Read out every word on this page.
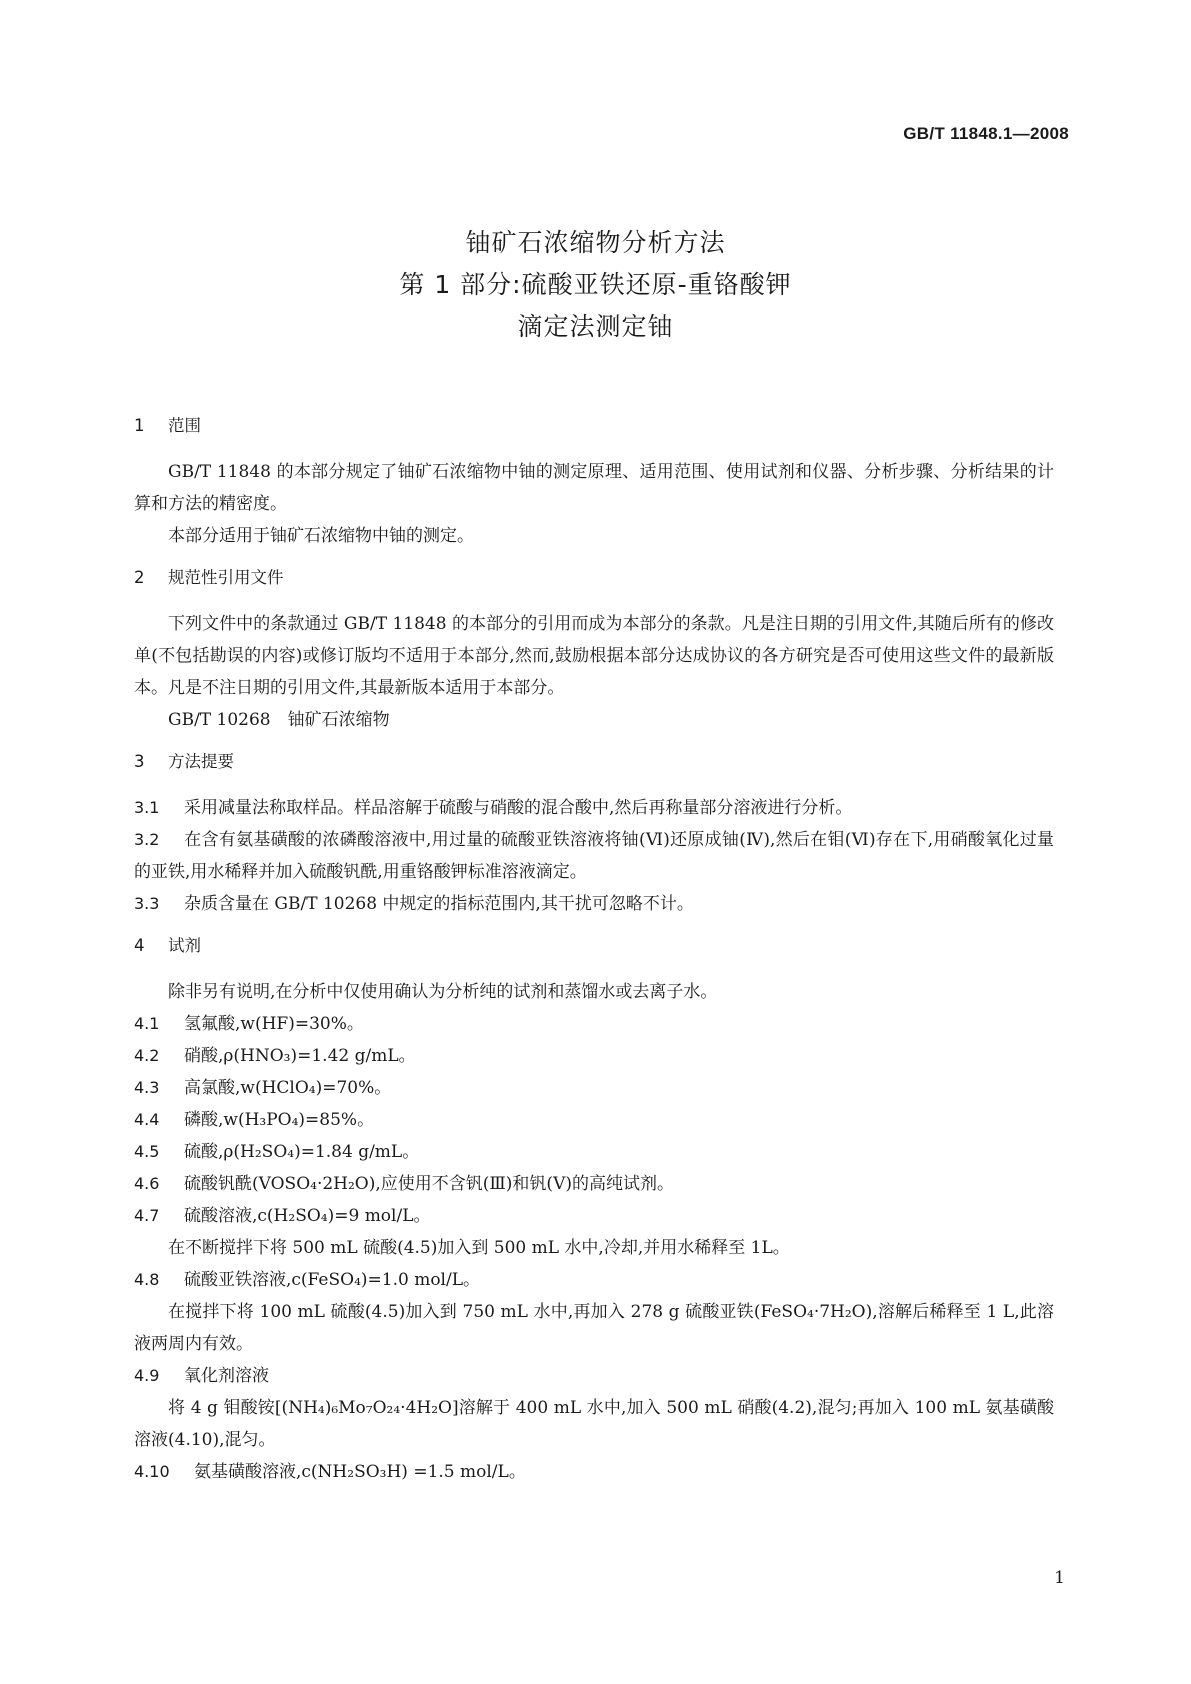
GB/T 11848.1—2008
铀矿石浓缩物分析方法
第 1 部分:硫酸亚铁还原-重铬酸钾
滴定法测定铀
1 范围

GB/T 11848 的本部分规定了铀矿石浓缩物中铀的测定原理、适用范围、使用试剂和仪器、分析步骤、分析结果的计算和方法的精密度。

本部分适用于铀矿石浓缩物中铀的测定。

2 规范性引用文件

下列文件中的条款通过 GB/T 11848 的本部分的引用而成为本部分的条款。凡是注日期的引用文件,其随后所有的修改单(不包括勘误的内容)或修订版均不适用于本部分,然而,鼓励根据本部分达成协议的各方研究是否可使用这些文件的最新版本。凡是不注日期的引用文件,其最新版本适用于本部分。

GB/T 10268　铀矿石浓缩物

3 方法提要

3.1 采用减量法称取样品。样品溶解于硫酸与硝酸的混合酸中,然后再称量部分溶液进行分析。

3.2 在含有氨基磺酸的浓磷酸溶液中,用过量的硫酸亚铁溶液将铀(Ⅵ)还原成铀(Ⅳ),然后在钼(Ⅵ)存在下,用硝酸氧化过量的亚铁,用水稀释并加入硫酸钒酰,用重铬酸钾标准溶液滴定。

3.3 杂质含量在 GB/T 10268 中规定的指标范围内,其干扰可忽略不计。

4 试剂

除非另有说明,在分析中仅使用确认为分析纯的试剂和蒸馏水或去离子水。

4.1 氢氟酸,w(HF)=30%。

4.2 硝酸,ρ(HNO₃)=1.42 g/mL。

4.3 高氯酸,w(HClO₄)=70%。

4.4 磷酸,w(H₃PO₄)=85%。

4.5 硫酸,ρ(H₂SO₄)=1.84 g/mL。

4.6 硫酸钒酰(VOSO₄·2H₂O),应使用不含钒(Ⅲ)和钒(Ⅴ)的高纯试剂。

4.7 硫酸溶液,c(H₂SO₄)=9 mol/L。

在不断搅拌下将 500 mL 硫酸(4.5)加入到 500 mL 水中,冷却,并用水稀释至 1L。

4.8 硫酸亚铁溶液,c(FeSO₄)=1.0 mol/L。

在搅拌下将 100 mL 硫酸(4.5)加入到 750 mL 水中,再加入 278 g 硫酸亚铁(FeSO₄·7H₂O),溶解后稀释至 1 L,此溶液两周内有效。

4.9 氧化剂溶液

将 4 g 钼酸铵[(NH₄)₆Mo₇O₂₄·4H₂O]溶解于 400 mL 水中,加入 500 mL 硝酸(4.2),混匀;再加入 100 mL 氨基磺酸溶液(4.10),混匀。

4.10 氨基磺酸溶液,c(NH₂SO₃H) =1.5 mol/L。

1
